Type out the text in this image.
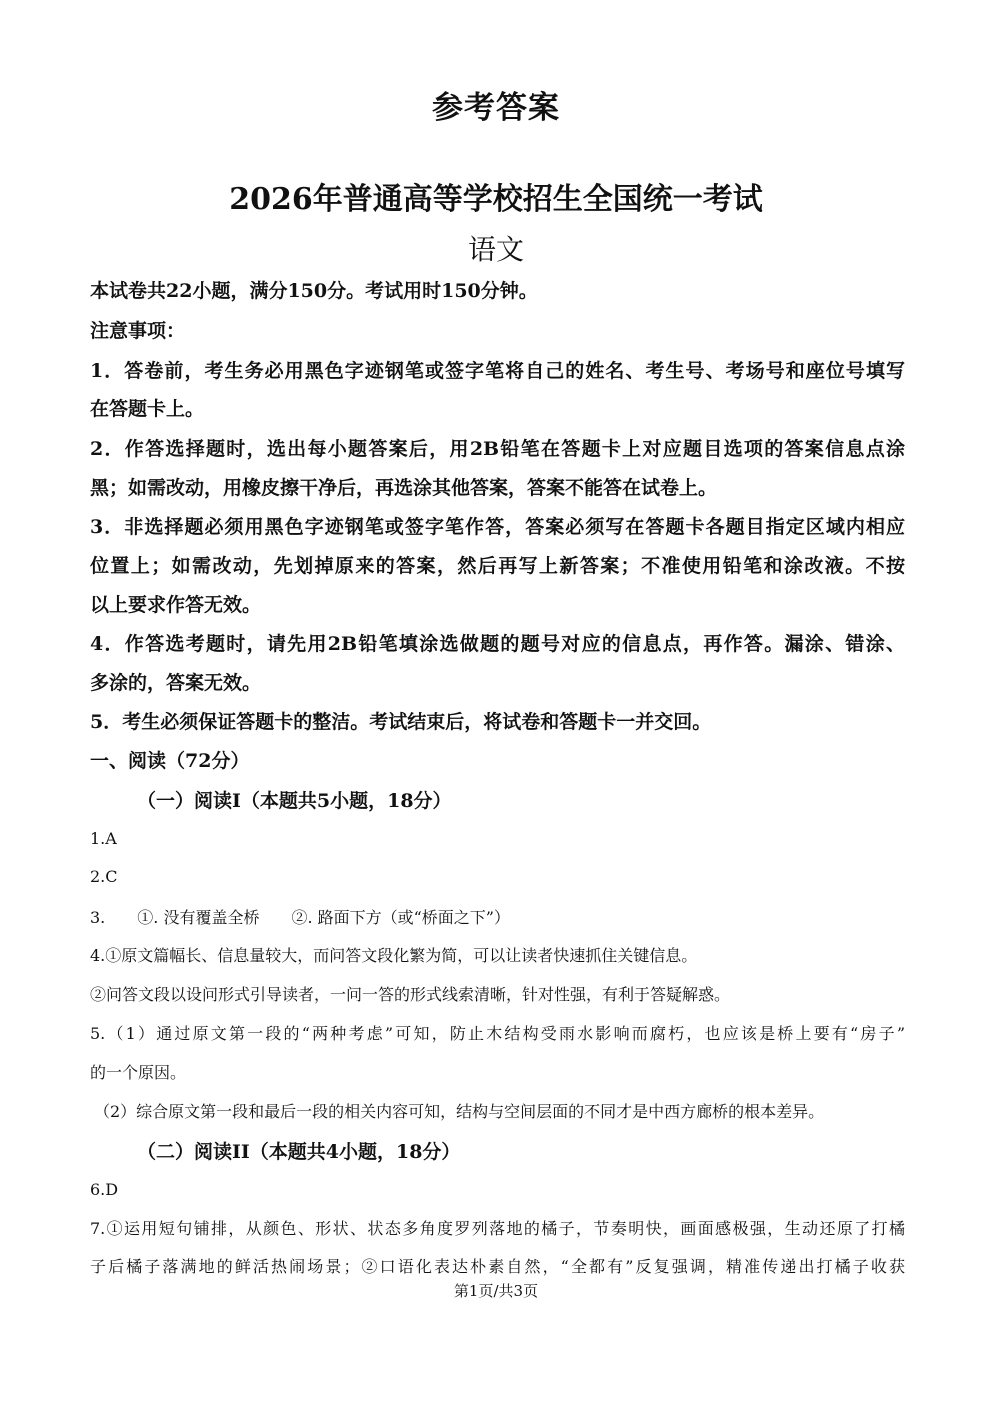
参考答案
2026年普通高等学校招生全国统一考试
语文
本试卷共22小题，满分150分。考试用时150分钟。
注意事项：
1．答卷前，考生务必用黑色字迹钢笔或签字笔将自己的姓名、考生号、考场号和座位号填写
在答题卡上。
2．作答选择题时，选出每小题答案后，用2B铅笔在答题卡上对应题目选项的答案信息点涂
黑；如需改动，用橡皮擦干净后，再选涂其他答案，答案不能答在试卷上。
3．非选择题必须用黑色字迹钢笔或签字笔作答，答案必须写在答题卡各题目指定区域内相应
位置上；如需改动，先划掉原来的答案，然后再写上新答案；不准使用铅笔和涂改液。不按
以上要求作答无效。
4．作答选考题时，请先用2B铅笔填涂选做题的题号对应的信息点，再作答。漏涂、错涂、
多涂的，答案无效。
5．考生必须保证答题卡的整洁。考试结束后，将试卷和答题卡一并交回。
一、阅读（72分）
（一）阅读I（本题共5小题，18分）
1.A
2.C
3.　　①. 没有覆盖全桥　　②. 路面下方（或“桥面之下”）
4.①原文篇幅长、信息量较大，而问答文段化繁为简，可以让读者快速抓住关键信息。
②问答文段以设问形式引导读者，一问一答的形式线索清晰，针对性强，有利于答疑解惑。
5.（1）通过原文第一段的“两种考虑”可知，防止木结构受雨水影响而腐朽，也应该是桥上要有“房子”
的一个原因。
（2）综合原文第一段和最后一段的相关内容可知，结构与空间层面的不同才是中西方廊桥的根本差异。
（二）阅读II（本题共4小题，18分）
6.D
7.①运用短句铺排，从颜色、形状、状态多角度罗列落地的橘子，节奏明快，画面感极强，生动还原了打橘
子后橘子落满地的鲜活热闹场景；②口语化表达朴素自然，“全都有”反复强调，精准传递出打橘子收获
第1页/共3页
